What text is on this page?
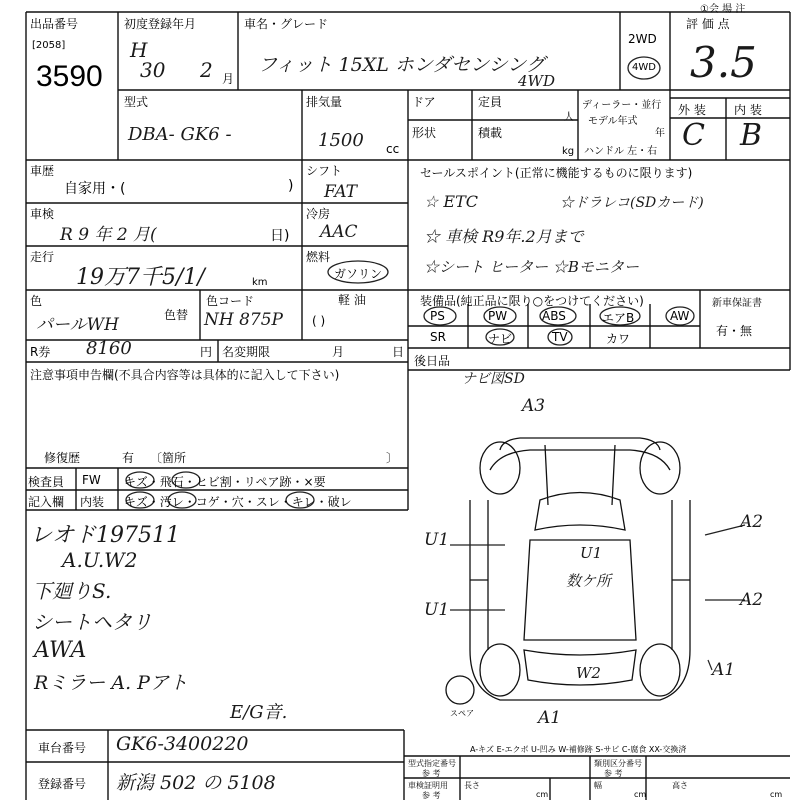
出品番号
[2058]
3590
初度登録年月
H
30 2 月
車名・グレード
フィット 15XL ホンダセンシング
4WD
2WD
4WD
評 価 点
3.5
①会 場 注
型式
DBA- GK6 -
排気量
1500 cc
ドア	定員
人
形状	積載
kg
ディーラー・並行
モデル年式
年
ハンドル 左・右
外 装 内 装
C B
車歴
自家用・(	)
シフト
FAT
車検
R 9 年 2 月(	日)
冷房
AAC
走行
19万7千5/1/	km
燃料
ガソリン
軽 油
( )
色
パールWH	色替
色コード
NH 875P
R券 8160	円 名変期限	月	日
注意事項申告欄(不具合内容等は具体的に記入して下さい)
修復歴	有 〔箇所	〕
検査員
記入欄
FW
内装
キズ・飛石・ヒビ割・リペア跡・×要
キズ・汚レ・コゲ・穴・スレ・キレ・破レ
レオド197511
A.U.W2
下廻りS.
シートヘタリ
AWA
Rミラー A. Pアト
E/G音.
セールスポイント(正常に機能するものに限ります)
☆ ETC	☆ドラレコ(SDカード)
☆ 車検 R9年.2月まで
☆シート ヒーター ☆Bモニター
装備品(純正品に限り○をつけてください)
PS	PW	ABS	エアB	AW
SR	ナビ	TV	カワ
新車保証書
有・無
後日品
ナビ図SD
A3
A2
A2
A1
A1
U1
U1
U1
W2
数ケ所
スペア
車台番号 GK6-3400220
登録番号 新潟 502 の 5108
A-キズ E-エクボ U-凹み W-補修跡 S-サビ C-腐食 XX-交換済
型式指定番号
参 考
類別区分番号
参 考
車検証明用
参 考
長さ
cm
幅
cm
高さ
cm
